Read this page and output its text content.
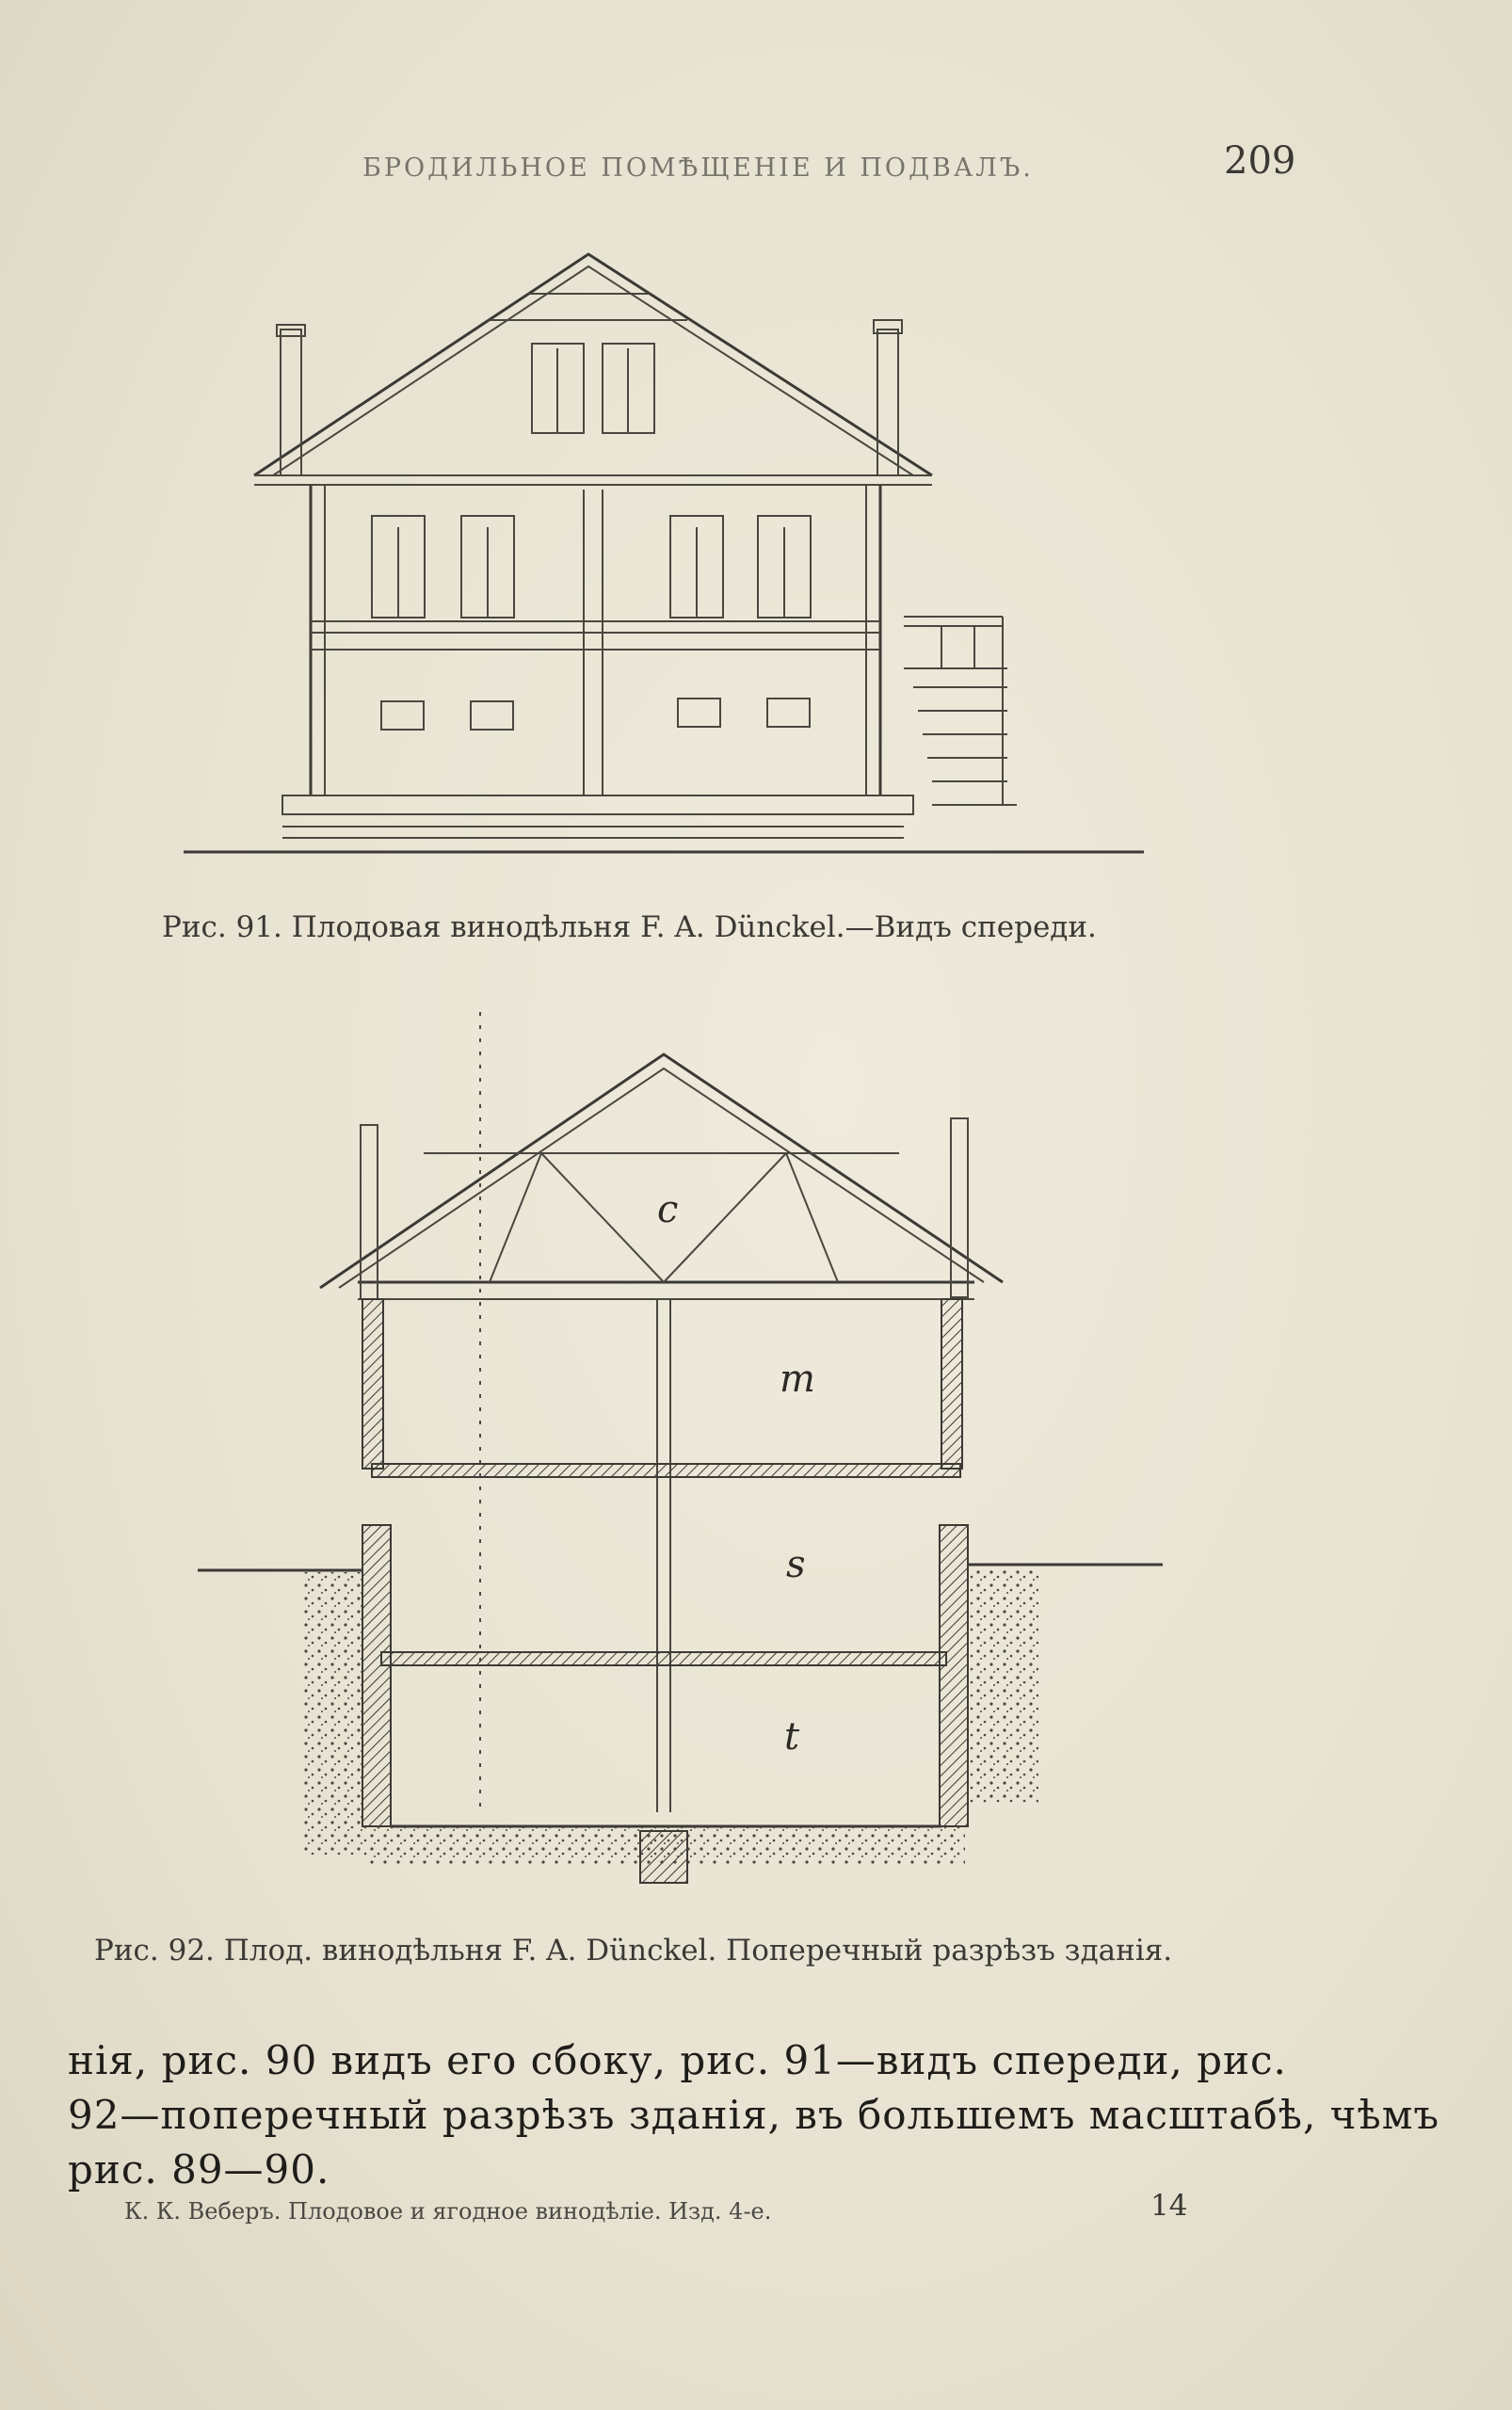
БРОДИЛЬНОЕ ПОМѢЩЕНІЕ И ПОДВАЛЪ.	209
c
m
s
t
Рис. 91. Плодовая винодѣльня F. A. Dünckel.—Видъ спереди.
Рис. 92. Плод. винодѣльня F. A. Dünckel. Поперечный разрѣзъ зданія.
нія, рис. 90 видъ его сбоку, рис. 91—видъ спереди, рис.
92—поперечный разрѣзъ зданія, въ большемъ масштабѣ, чѣмъ
рис. 89—90.
К. К. Веберъ. Плодовое и ягодное винодѣліе. Изд. 4-е.	14
